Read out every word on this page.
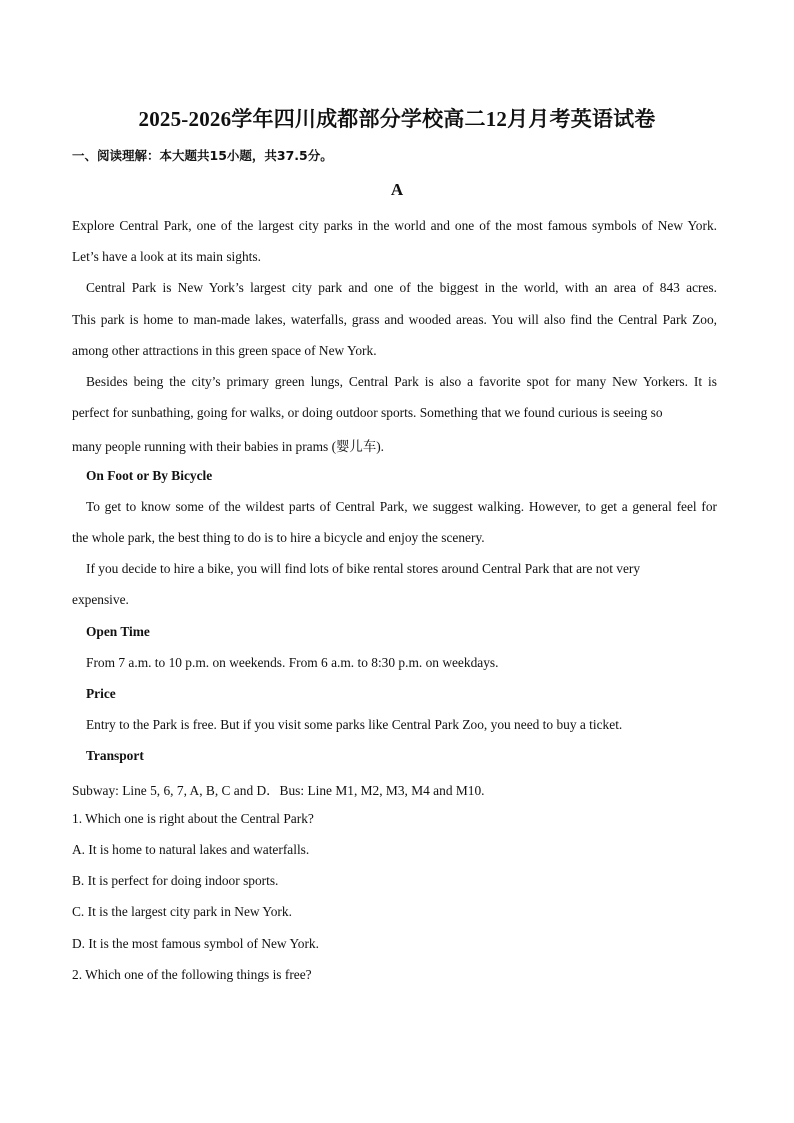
2025-2026学年四川成都部分学校高二12月月考英语试卷
一、阅读理解：本大题共15小题，共37.5分。
A
Explore Central Park, one of the largest city parks in the world and one of the most famous symbols of New York.
Let’s have a look at its main sights.
Central Park is New York’s largest city park and one of the biggest in the world, with an area of 843 acres.
This park is home to man-made lakes, waterfalls, grass and wooded areas. You will also find the Central Park Zoo,
among other attractions in this green space of New York.
Besides being the city’s primary green lungs, Central Park is also a favorite spot for many New Yorkers. It is
perfect for sunbathing, going for walks, or doing outdoor sports. Something that we found curious is seeing so
many people running with their babies in prams (婴儿车).
On Foot or By Bicycle
To get to know some of the wildest parts of Central Park, we suggest walking. However, to get a general feel for
the whole park, the best thing to do is to hire a bicycle and enjoy the scenery.
If you decide to hire a bike, you will find lots of bike rental stores around Central Park that are not very
expensive.
Open Time
From 7 a.m. to 10 p.m. on weekends. From 6 a.m. to 8:30 p.m. on weekdays.
Price
Entry to the Park is free. But if you visit some parks like Central Park Zoo, you need to buy a ticket.
Transport
Subway: Line 5, 6, 7, A, B, C and D．Bus: Line M1, M2, M3, M4 and M10.
1. Which one is right about the Central Park?
A. It is home to natural lakes and waterfalls.
B. It is perfect for doing indoor sports.
C. It is the largest city park in New York.
D. It is the most famous symbol of New York.
2. Which one of the following things is free?
